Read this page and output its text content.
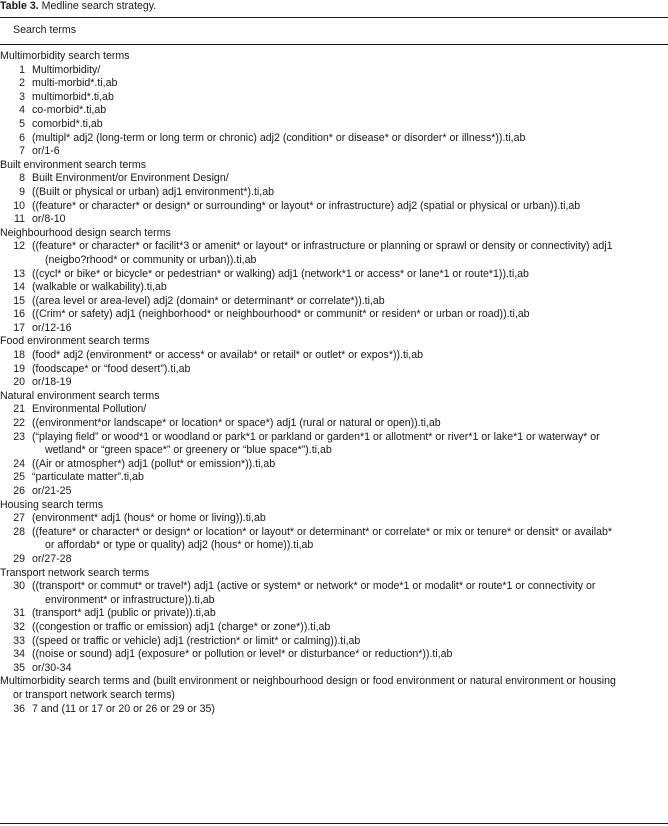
Table 3. Medline search strategy.
Search terms
Multimorbidity search terms
1 Multimorbidity/
2 multi-morbid*.ti,ab
3 multimorbid*.ti,ab
4 co-morbid*.ti,ab
5 comorbid*.ti,ab
6 (multipl* adj2 (long-term or long term or chronic) adj2 (condition* or disease* or disorder* or illness*)).ti,ab
7 or/1-6
Built environment search terms
8 Built Environment/or Environment Design/
9 ((Built or physical or urban) adj1 environment*).ti,ab
10 ((feature* or character* or design* or surrounding* or layout* or infrastructure) adj2 (spatial or physical or urban)).ti,ab
11 or/8-10
Neighbourhood design search terms
12 ((feature* or character* or facilit*3 or amenit* or layout* or infrastructure or planning or sprawl or density or connectivity) adj1
(neigbo?rhood* or community or urban)).ti,ab
13 ((cycl* or bike* or bicycle* or pedestrian* or walking) adj1 (network*1 or access* or lane*1 or route*1)).ti,ab
14 (walkable or walkability).ti,ab
15 ((area level or area-level) adj2 (domain* or determinant* or correlate*)).ti,ab
16 ((Crim* or safety) adj1 (neighborhood* or neighbourhood* or communit* or residen* or urban or road)).ti,ab
17 or/12-16
Food environment search terms
18 (food* adj2 (environment* or access* or availab* or retail* or outlet* or expos*)).ti,ab
19 (foodscape* or “food desert”).ti,ab
20 or/18-19
Natural environment search terms
21 Environmental Pollution/
22 ((environment*or landscape* or location* or space*) adj1 (rural or natural or open)).ti,ab
23 (“playing field” or wood*1 or woodland or park*1 or parkland or garden*1 or allotment* or river*1 or lake*1 or waterway* or
wetland* or “green space*” or greenery or “blue space*”).ti,ab
24 ((Air or atmospher*) adj1 (pollut* or emission*)).ti,ab
25 “particulate matter”.ti,ab
26 or/21-25
Housing search terms
27 (environment* adj1 (hous* or home or living)).ti,ab
28 ((feature* or character* or design* or location* or layout* or determinant* or correlate* or mix or tenure* or densit* or availab*
or affordab* or type or quality) adj2 (hous* or home)).ti,ab
29 or/27-28
Transport network search terms
30 ((transport* or commut* or travel*) adj1 (active or system* or network* or mode*1 or modalit* or route*1 or connectivity or
environment* or infrastructure)).ti,ab
31 (transport* adj1 (public or private)).ti,ab
32 ((congestion or traffic or emission) adj1 (charge* or zone*)).ti,ab
33 ((speed or traffic or vehicle) adj1 (restriction* or limit* or calming)).ti,ab
34 ((noise or sound) adj1 (exposure* or pollution or level* or disturbance* or reduction*)).ti,ab
35 or/30-34
Multimorbidity search terms and (built environment or neighbourhood design or food environment or natural environment or housing
or transport network search terms)
36 7 and (11 or 17 or 20 or 26 or 29 or 35)
